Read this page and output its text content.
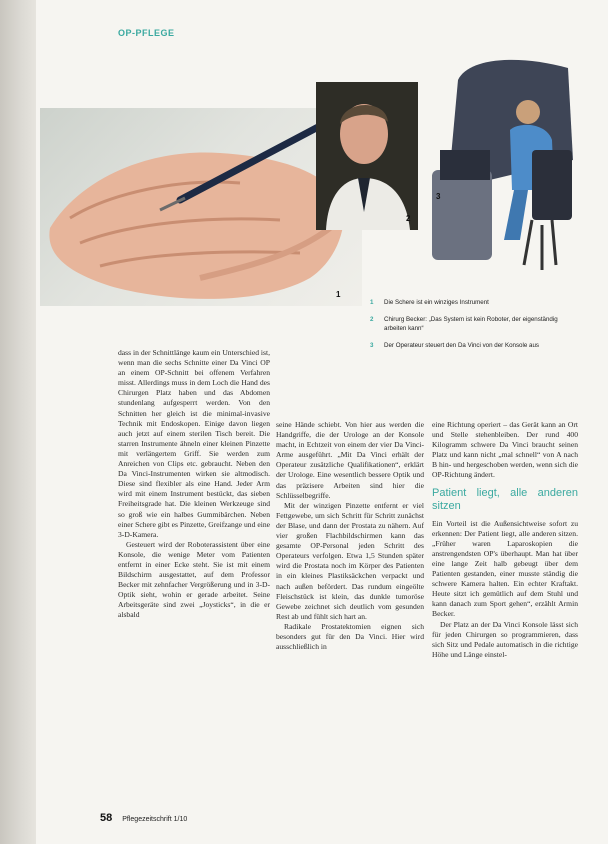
OP-PFLEGE
1
2
3
1	Die Schere ist ein winziges Instrument
2	Chirurg Becker: „Das System ist kein Roboter, der eigenständig arbeiten kann“
3	Der Operateur steuert den Da Vinci von der Konsole aus

dass in der Schnittlänge kaum ein Unterschied ist, wenn man die sechs Schnitte einer Da Vinci OP an einem OP-Schnitt bei offenem Verfahren misst. Allerdings muss in dem Loch die Hand des Chirurgen Platz haben und das Abdomen stundenlang aufgesperrt werden. Von den Schnitten her gleich ist die minimal-invasive Technik mit Endoskopen. Einige davon liegen auch jetzt auf einem sterilen Tisch bereit. Die starren Instrumente ähneln einer kleinen Pinzette mit verlängertem Griff. Sie werden zum Anreichen von Clips etc. gebraucht. Neben den Da Vinci-Instrumenten wirken sie altmodisch. Diese sind flexibler als eine Hand. Jeder Arm wird mit einem Instrument bestückt, das sieben Freiheitsgrade hat. Die kleinen Werkzeuge sind so groß wie ein halbes Gummibärchen. Neben einer Schere gibt es Pinzette, Greifzange und eine 3-D-Kamera.

Gesteuert wird der Roboterassistent über eine Konsole, die wenige Meter vom Patienten entfernt in einer Ecke steht. Sie ist mit einem Bildschirm ausgestattet, auf dem Professor Becker mit zehnfacher Vergrößerung und in 3-D-Optik sieht, wohin er gerade arbeitet. Seine Arbeitsgeräte sind zwei „Joysticks“, in die er alsbald

seine Hände schiebt. Von hier aus werden die Handgriffe, die der Urologe an der Konsole macht, in Echtzeit von einem der vier Da Vinci-Arme ausgeführt. „Mit Da Vinci erhält der Operateur zusätzliche Qualifikationen“, erklärt der Urologe. Eine wesentlich bessere Optik und das präzisere Arbeiten sind hier die Schlüsselbegriffe.

Mit der winzigen Pinzette entfernt er viel Fettgewebe, um sich Schritt für Schritt zunächst der Blase, und dann der Prostata zu nähern. Auf vier großen Flachbildschirmen kann das gesamte OP-Personal jeden Schritt des Operateurs verfolgen. Etwa 1,5 Stunden später wird die Prostata noch im Körper des Patienten in ein kleines Plastiksäckchen verpackt und nach außen befördert. Das rundum eingeölte Fleischstück ist klein, das dunkle tumoröse Gewebe zeichnet sich deutlich vom gesunden Rest ab und fühlt sich hart an.

Radikale Prostatektomien eignen sich besonders gut für den Da Vinci. Hier wird ausschließlich in

eine Richtung operiert – das Gerät kann an Ort und Stelle stehenbleiben. Der rund 400 Kilogramm schwere Da Vinci braucht seinen Platz und kann nicht „mal schnell“ von A nach B hin- und hergeschoben werden, wenn sich die OP-Richtung ändert.

Patient liegt, alle anderen sitzen

Ein Vorteil ist die Außensichtweise sofort zu erkennen: Der Patient liegt, alle anderen sitzen. „Früher waren Laparoskopien die anstrengendsten OP's überhaupt. Man hat über eine lange Zeit halb gebeugt über dem Patienten gestanden, einer musste ständig die schwere Kamera halten. Ein echter Kraftakt. Heute sitzt ich gemütlich auf dem Stuhl und kann danach zum Sport gehen“, erzählt Armin Becker.

Der Platz an der Da Vinci Konsole lässt sich für jeden Chirurgen so programmieren, dass sich Sitz und Pedale automatisch in die richtige Höhe und Länge einstel-

58 Pflegezeitschrift 1/10
